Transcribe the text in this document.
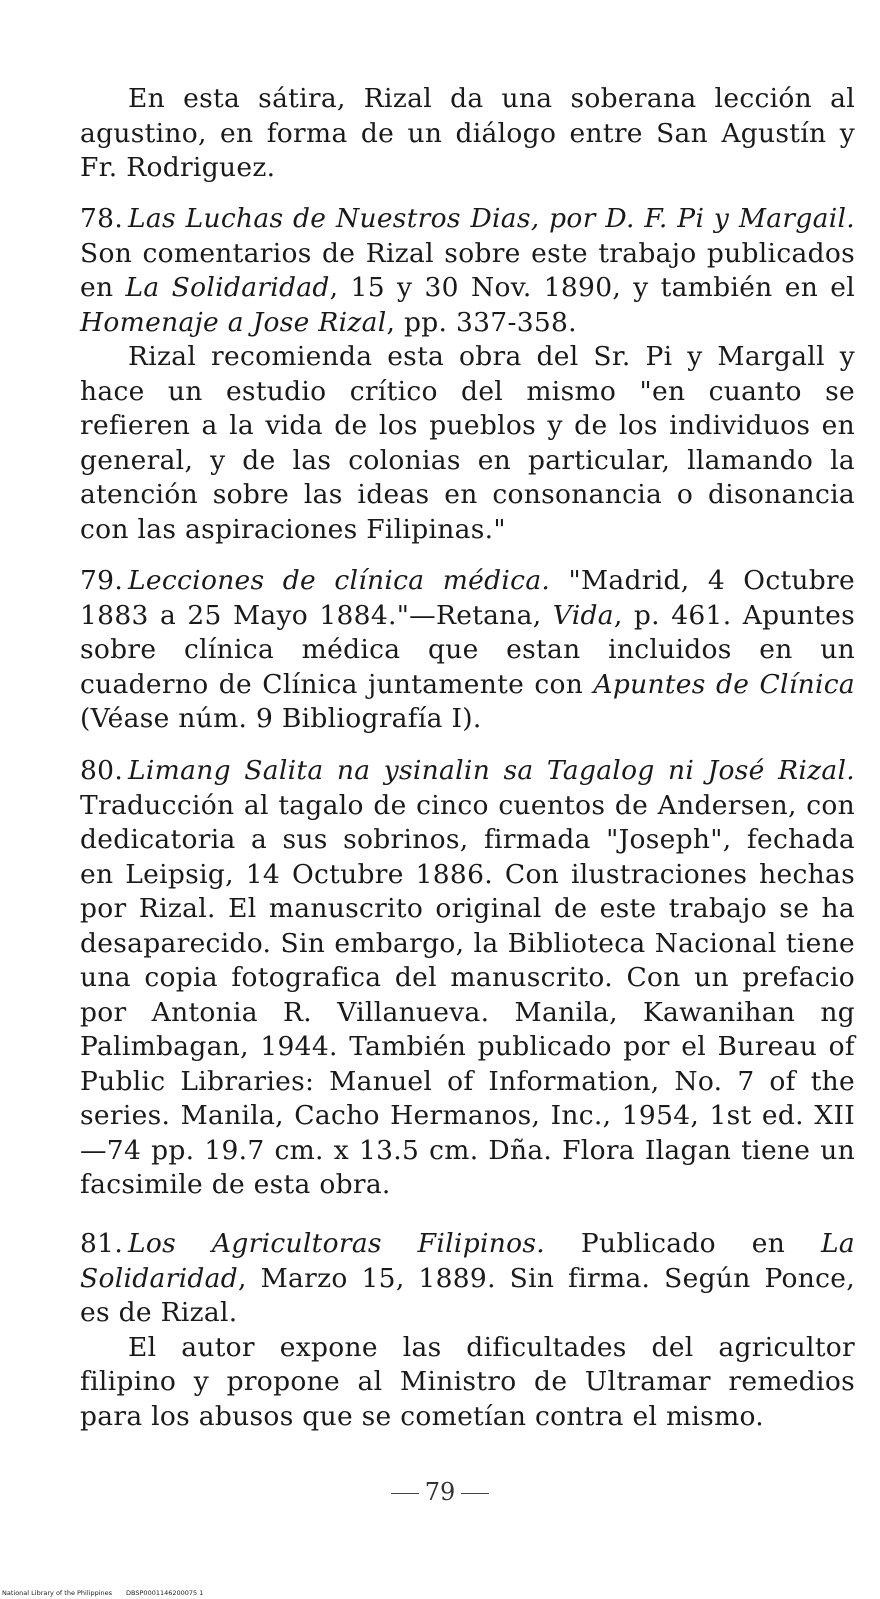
En esta sátira, Rizal da una soberana lección al agustino, en forma de un diálogo entre San Agustín y Fr. Rodriguez.

78. Las Luchas de Nuestros Dias, por D. F. Pi y Margail. Son comentarios de Rizal sobre este trabajo publicados en La Solidaridad, 15 y 30 Nov. 1890, y también en el Homenaje a Jose Rizal, pp. 337-358.

Rizal recomienda esta obra del Sr. Pi y Margall y hace un estudio crítico del mismo "en cuanto se refieren a la vida de los pueblos y de los individuos en general, y de las colonias en particular, llamando la atención sobre las ideas en consonancia o disonancia con las aspiraciones Filipinas."

79. Lecciones de clínica médica. "Madrid, 4 Octubre 1883 a 25 Mayo 1884."—Retana, Vida, p. 461. Apuntes sobre clínica médica que estan incluidos en un cuaderno de Clínica juntamente con Apuntes de Clínica (Véase núm. 9 Bibliografía I).

80. Limang Salita na ysinalin sa Tagalog ni José Rizal. Traducción al tagalo de cinco cuentos de Andersen, con dedicatoria a sus sobrinos, firmada "Joseph", fechada en Leipsig, 14 Octubre 1886. Con ilustraciones hechas por Rizal. El manuscrito original de este trabajo se ha desaparecido. Sin embargo, la Biblioteca Nacional tiene una copia fotografica del manuscrito. Con un prefacio por Antonia R. Villanueva. Manila, Kawanihan ng Palimbagan, 1944. También publicado por el Bureau of Public Libraries: Manuel of Information, No. 7 of the series. Manila, Cacho Hermanos, Inc., 1954, 1st ed. XII—74 pp. 19.7 cm. x 13.5 cm. Dña. Flora Ilagan tiene un facsimile de esta obra.

81. Los Agricultoras Filipinos. Publicado en La Solidaridad, Marzo 15, 1889. Sin firma. Según Ponce, es de Rizal.

El autor expone las dificultades del agricultor filipino y propone al Ministro de Ultramar remedios para los abusos que se cometían contra el mismo.

79
National Library of the Philippines DBSP0001146200075 1
